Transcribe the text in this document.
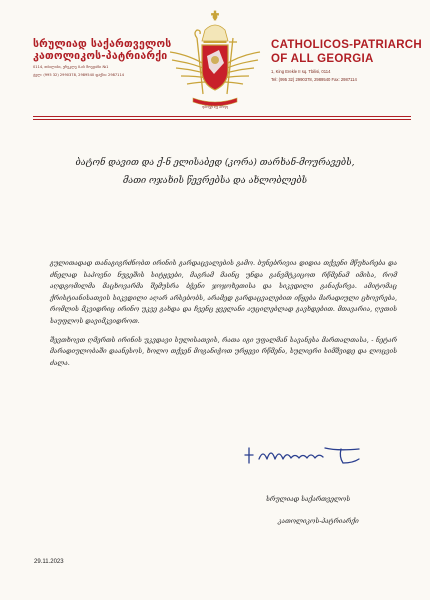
სრულიად საქართველოს
კათოლიკოს-პატრიარქი
0114, თბილისი, ერეკლე II-ის მოედანი №1
ტელ: (995 32) 2990378, 2989540 ფაქსი: 2987114
ⴄⴋⴖⴂⴙ ⴀⴂ ⴋⴌⴄⴄ
CATHOLICOS-PATRIARCH
OF ALL GEORGIA
1, King Erekle II sq. Tbilisi, 0114
Tel: (995 32) 2990378, 2989540 Fax: 2987114
ბატონ დავით და ქ-ნ ელისაბედ (კორა) თარხან-მოურავებს,
მათი ოჯახის წევრებსა და ახლობლებს

გულითადად თანაგიგრძნობთ ირინის გარდაცვალების გამო. ბუნებრივია დიდია თქვენი მწუხარება და ძნელად საპოვნი ნუგეშის სიტყვები, მაგრამ მაინც უნდა განვმტკიცოთ რწმენამ იმისა, რომ აღდგომილმა მაცხოვარმა შემუსრა ბჭენი ჯოჯოხეთისა და სიკვდილი განაქარვა. ამიტომაც ქრისტიანისათვის სიკვდილი აღარ არსებობს, არამედ გარდაცვალებით იწყება მარადიული ცხოვრება, რომლის მკვიდრიც ირინო უკვე გახდა და ჩვენც ყველანი აუცილებლად გავხდებით. მთავარია, ღვთის საუფლოს დავიმკვიდროთ.

შევთხოვთ ღმერთს ირინის უკვდავი სულისათვის, რათა იგი უფალმან სავანესა მართალთასა, - ნეტარ მარადიულობაში დაანესოს, ხოლო თქვენ მოგანიჭოთ ურყევი რწმენა, სულიერი სიმშვიდე და ლოცვის ძალა.

სრულიად საქართველოს
კათოლიკოს-პატრიარქი
29.11.2023
